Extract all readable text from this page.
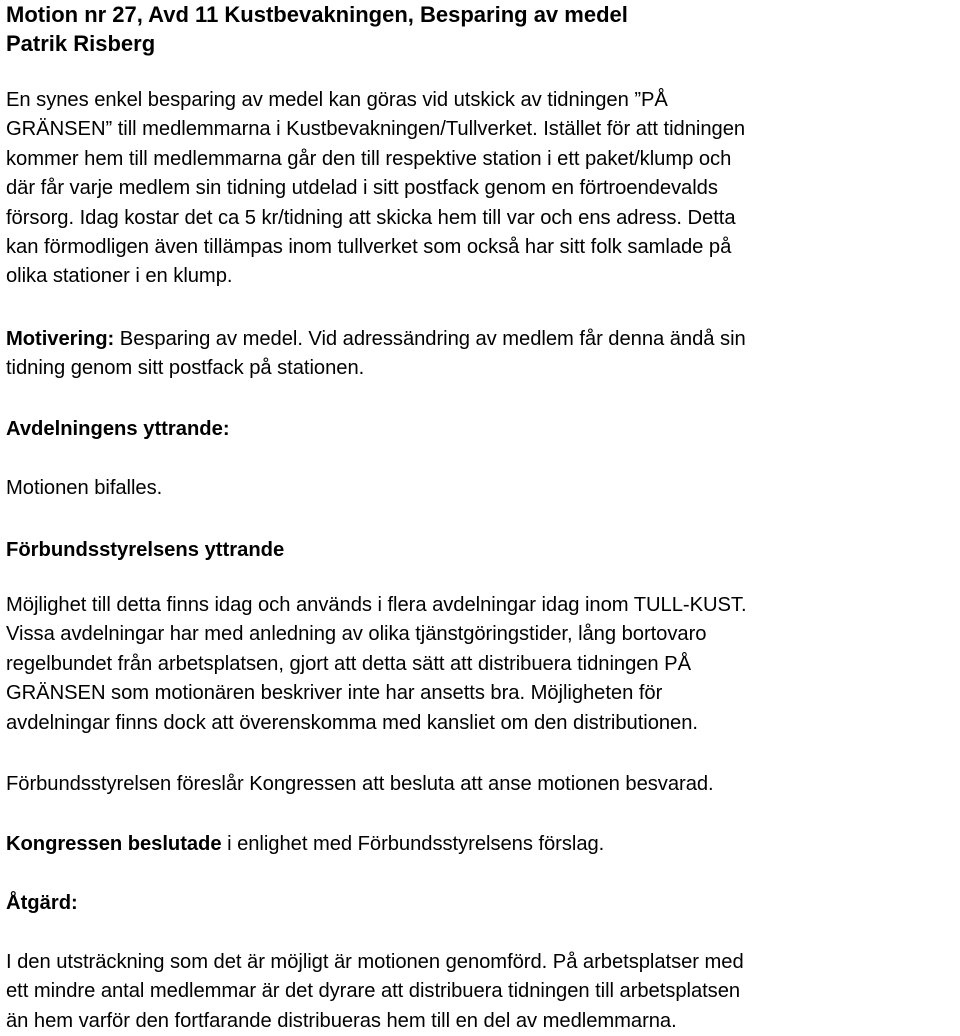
Motion nr 27, Avd 11 Kustbevakningen, Besparing av medel
Patrik Risberg
En synes enkel besparing av medel kan göras vid utskick av tidningen ”PÅ
GRÄNSEN” till medlemmarna i Kustbevakningen/Tullverket. Istället för att tidningen
kommer hem till medlemmarna går den till respektive station i ett paket/klump och
där får varje medlem sin tidning utdelad i sitt postfack genom en förtroendevalds
försorg. Idag kostar det ca 5 kr/tidning att skicka hem till var och ens adress. Detta
kan förmodligen även tillämpas inom tullverket som också har sitt folk samlade på
olika stationer i en klump.
Motivering: Besparing av medel. Vid adressändring av medlem får denna ändå sin
tidning genom sitt postfack på stationen.
Avdelningens yttrande:
Motionen bifalles.
Förbundsstyrelsens yttrande
Möjlighet till detta finns idag och används i flera avdelningar idag inom TULL-KUST.
Vissa avdelningar har med anledning av olika tjänstgöringstider, lång bortovaro
regelbundet från arbetsplatsen, gjort att detta sätt att distribuera tidningen PÅ
GRÄNSEN som motionären beskriver inte har ansetts bra. Möjligheten för
avdelningar finns dock att överenskomma med kansliet om den distributionen.
Förbundsstyrelsen föreslår Kongressen att besluta att anse motionen besvarad.
Kongressen beslutade i enlighet med Förbundsstyrelsens förslag.
Åtgärd:
I den utsträckning som det är möjligt är motionen genomförd. På arbetsplatser med
ett mindre antal medlemmar är det dyrare att distribuera tidningen till arbetsplatsen
än hem varför den fortfarande distribueras hem till en del av medlemmarna.
